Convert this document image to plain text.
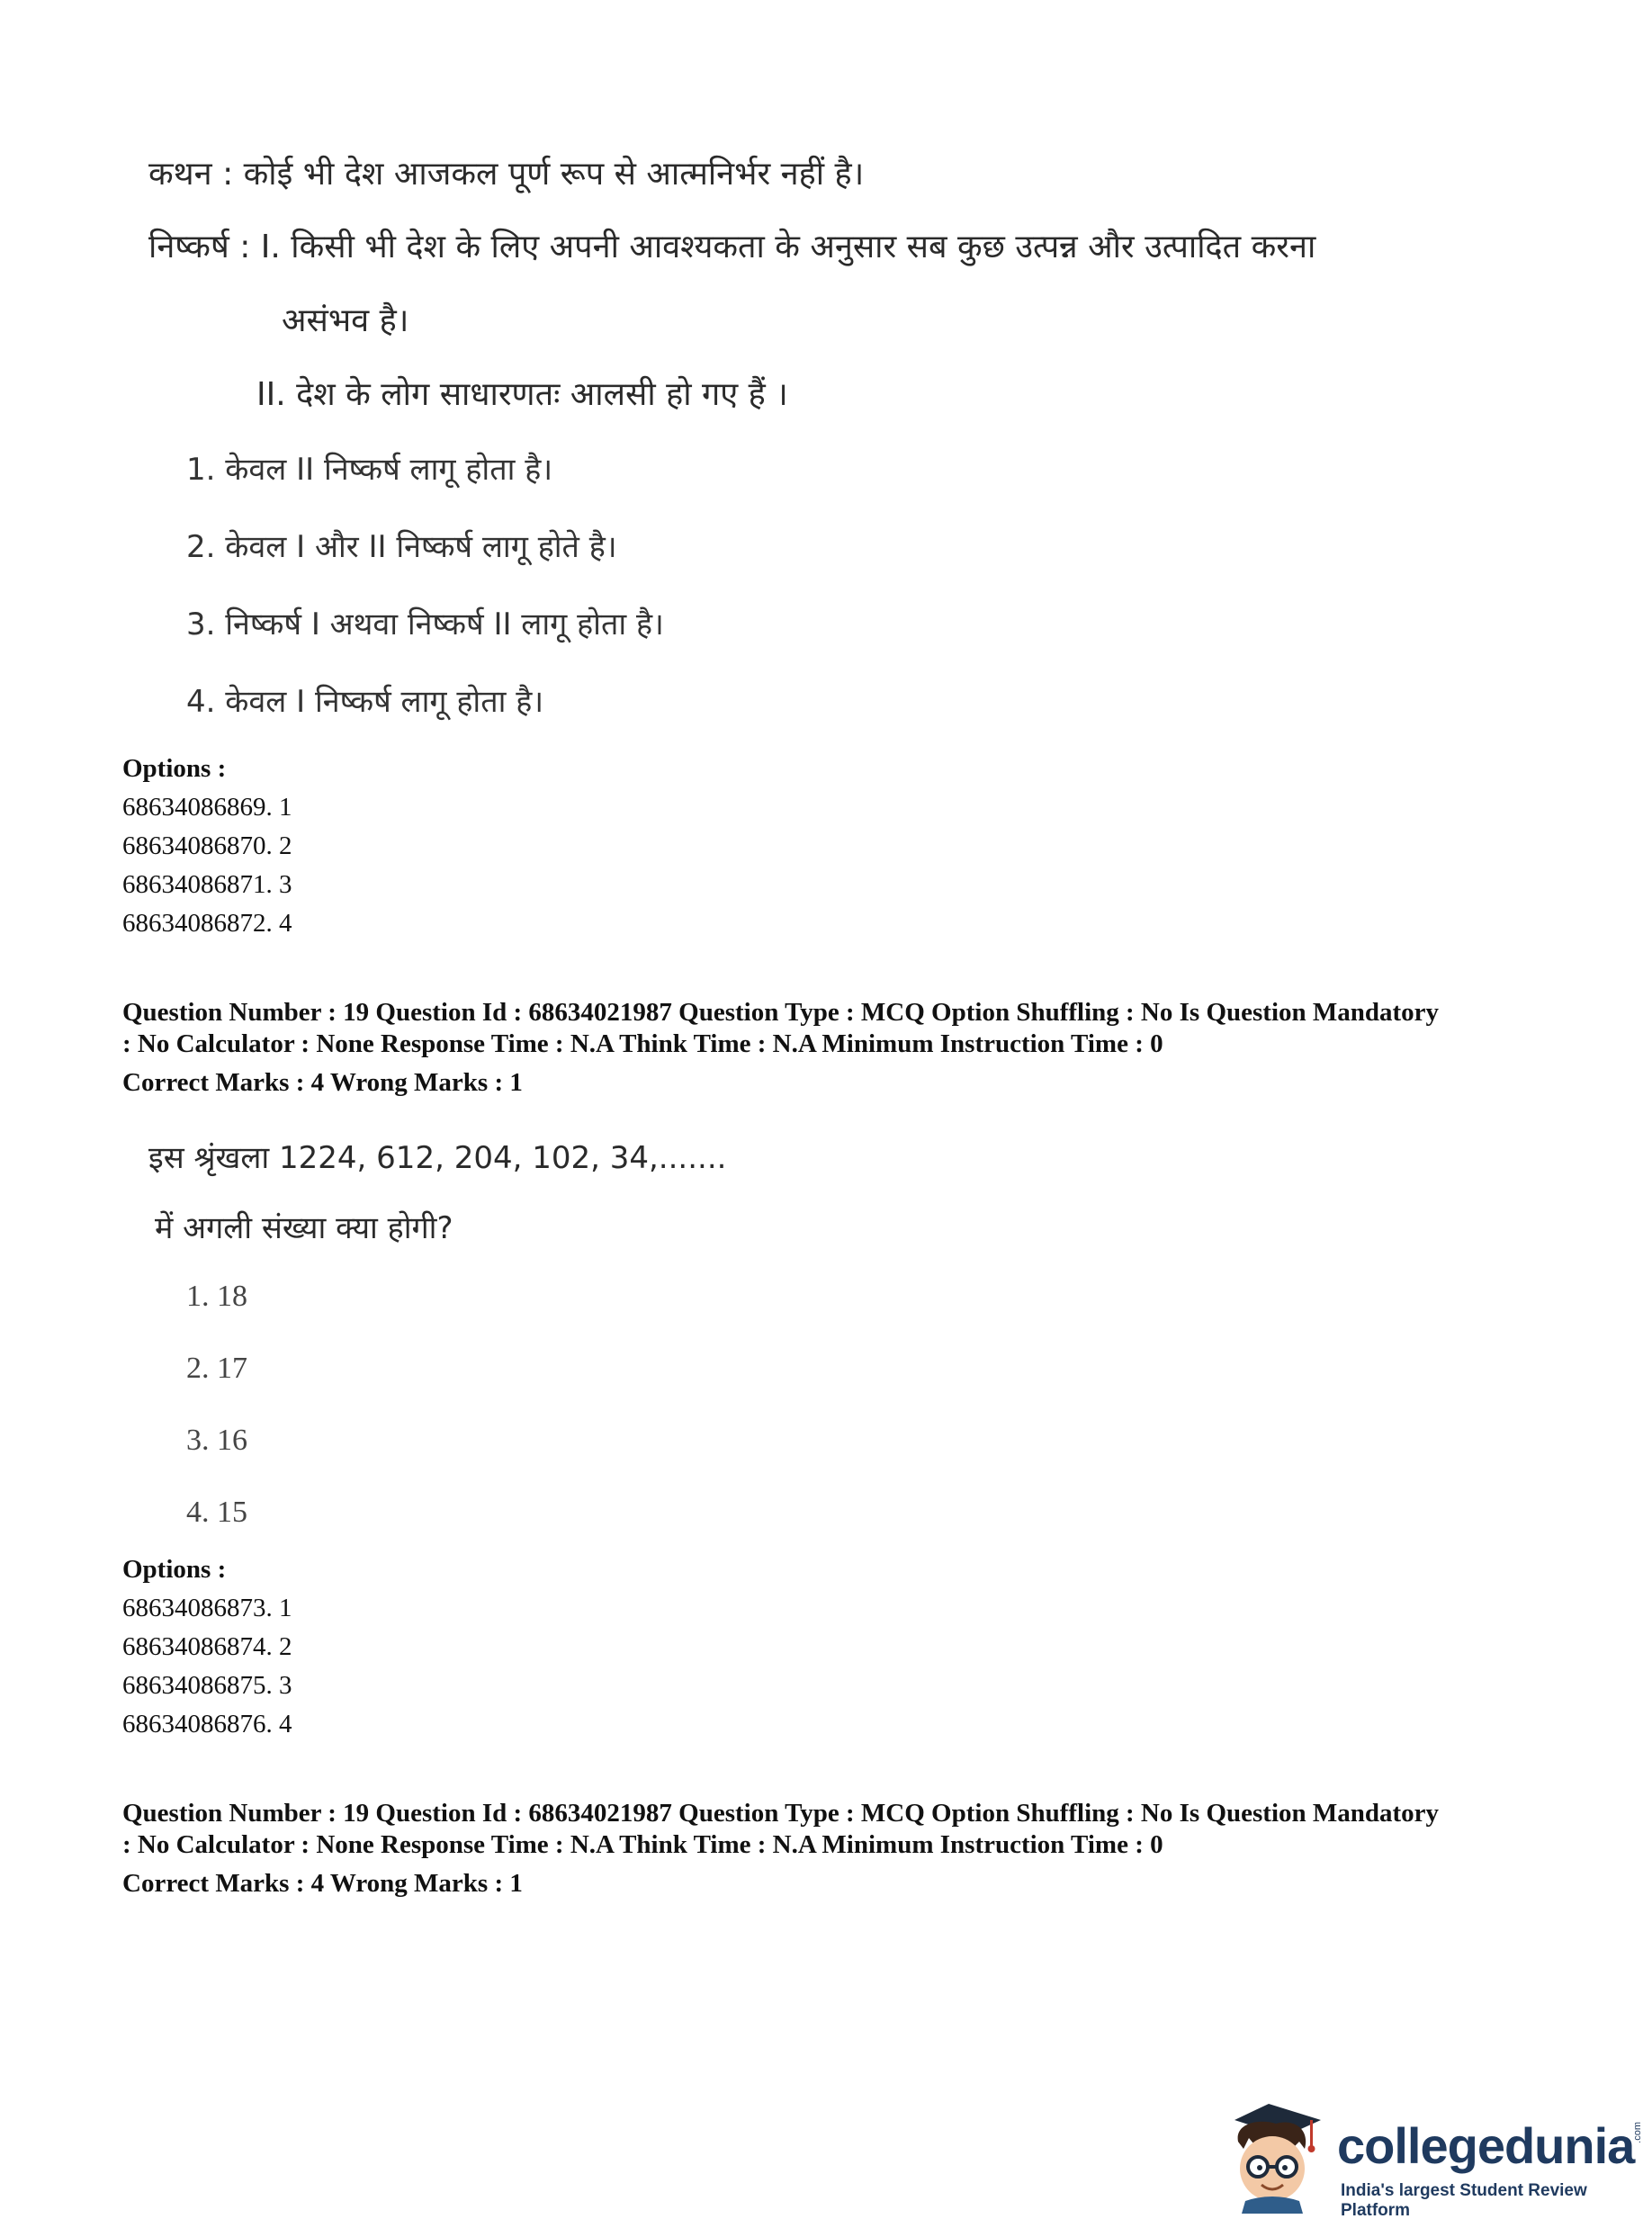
कथन : कोई भी देश आजकल पूर्ण रूप से आत्मनिर्भर नहीं है।
निष्कर्ष : I. किसी भी देश के लिए अपनी आवश्यकता के अनुसार सब कुछ उत्पन्न और उत्पादित करना
असंभव है।
II. देश के लोग साधारणतः आलसी हो गए हैं ।
1. केवल II निष्कर्ष लागू होता है।
2. केवल I और II निष्कर्ष लागू होते है।
3. निष्कर्ष I अथवा निष्कर्ष II लागू होता है।
4. केवल I निष्कर्ष लागू होता है।
Options :
68634086869. 1
68634086870. 2
68634086871. 3
68634086872. 4
Question Number : 19 Question Id : 68634021987 Question Type : MCQ Option Shuffling : No Is Question Mandatory
: No Calculator : None Response Time : N.A Think Time : N.A Minimum Instruction Time : 0
Correct Marks : 4 Wrong Marks : 1
इस श्रृंखला 1224, 612, 204, 102, 34,.......
में अगली संख्या क्या होगी?
1. 18
2. 17
3. 16
4. 15
Options :
68634086873. 1
68634086874. 2
68634086875. 3
68634086876. 4
Question Number : 19 Question Id : 68634021987 Question Type : MCQ Option Shuffling : No Is Question Mandatory
: No Calculator : None Response Time : N.A Think Time : N.A Minimum Instruction Time : 0
Correct Marks : 4 Wrong Marks : 1
collegedunia
.com
India's largest Student Review Platform
